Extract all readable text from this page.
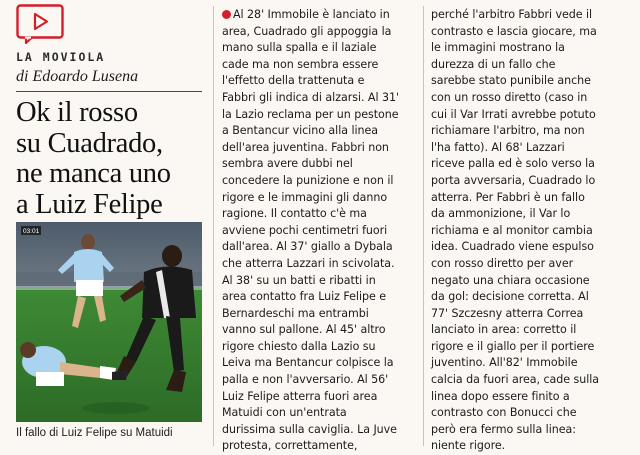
LA MOVIOLA
di Edoardo Lusena
Ok il rosso
su Cuadrado,
ne manca uno
a Luiz Felipe
03:01
Il fallo di Luiz Felipe su Matuidi
Al 28' Immobile è lanciato in
area, Cuadrado gli appoggia la
mano sulla spalla e il laziale
cade ma non sembra essere
l'effetto della trattenuta e
Fabbri gli indica di alzarsi. Al 31'
la Lazio reclama per un pestone
a Bentancur vicino alla linea
dell'area juventina. Fabbri non
sembra avere dubbi nel
concedere la punizione e non il
rigore e le immagini gli danno
ragione. Il contatto c'è ma
avviene pochi centimetri fuori
dall'area. Al 37' giallo a Dybala
che atterra Lazzari in scivolata.
Al 38' su un batti e ribatti in
area contatto fra Luiz Felipe e
Bernardeschi ma entrambi
vanno sul pallone. Al 45' altro
rigore chiesto dalla Lazio su
Leiva ma Bentancur colpisce la
palla e non l'avversario. Al 56'
Luiz Felipe atterra fuori area
Matuidi con un'entrata
durissima sulla caviglia. La Juve
protesta, correttamente,
perché l'arbitro Fabbri vede il
contrasto e lascia giocare, ma
le immagini mostrano la
durezza di un fallo che
sarebbe stato punibile anche
con un rosso diretto (caso in
cui il Var Irrati avrebbe potuto
richiamare l'arbitro, ma non
l'ha fatto). Al 68' Lazzari
riceve palla ed è solo verso la
porta avversaria, Cuadrado lo
atterra. Per Fabbri è un fallo
da ammonizione, il Var lo
richiama e al monitor cambia
idea. Cuadrado viene espulso
con rosso diretto per aver
negato una chiara occasione
da gol: decisione corretta. Al
77' Szczesny atterra Correa
lanciato in area: corretto il
rigore e il giallo per il portiere
juventino. All'82' Immobile
calcia da fuori area, cade sulla
linea dopo essere finito a
contrasto con Bonucci che
però era fermo sulla linea:
niente rigore.
